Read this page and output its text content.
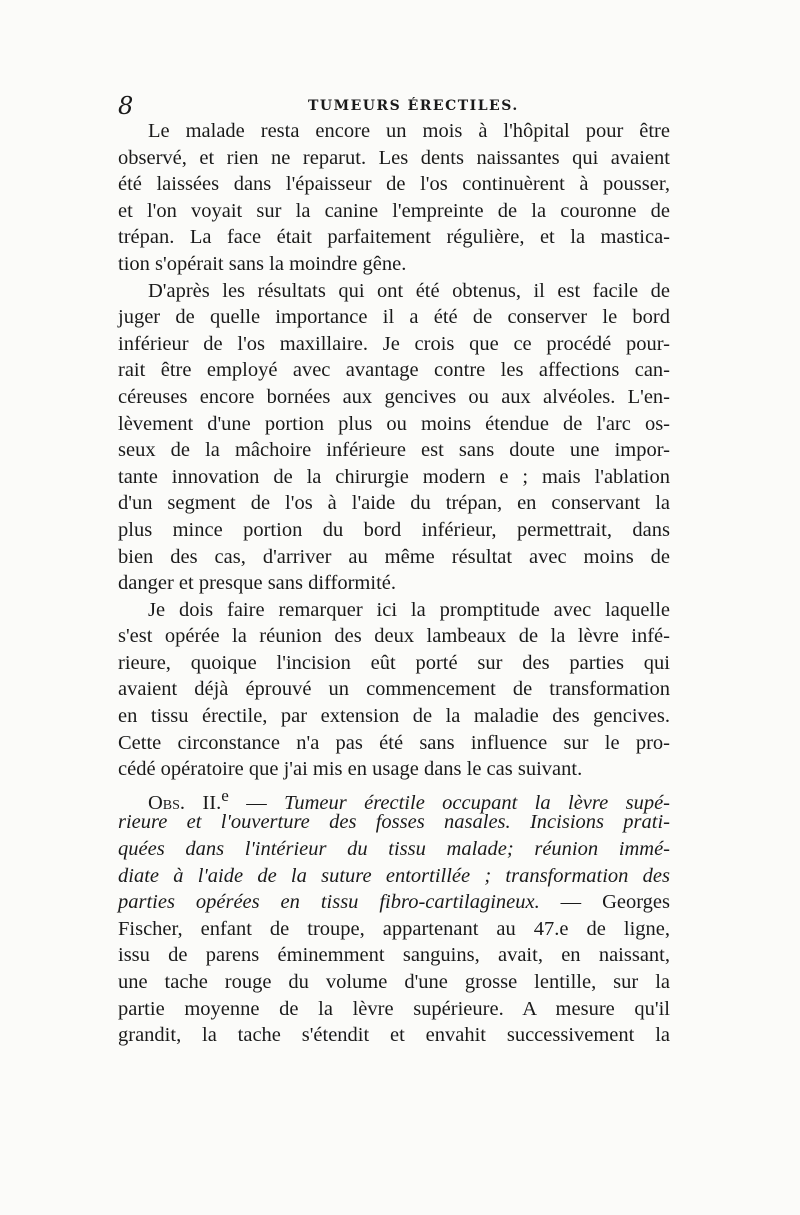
8	TUMEURS ÉRECTILES.
Le malade resta encore un mois à l'hôpital pour être
observé, et rien ne reparut. Les dents naissantes qui avaient
été laissées dans l'épaisseur de l'os continuèrent à pousser,
et l'on voyait sur la canine l'empreinte de la couronne de
trépan. La face était parfaitement régulière, et la mastica-
tion s'opérait sans la moindre gêne.
D'après les résultats qui ont été obtenus, il est facile de
juger de quelle importance il a été de conserver le bord
inférieur de l'os maxillaire. Je crois que ce procédé pour-
rait être employé avec avantage contre les affections can-
céreuses encore bornées aux gencives ou aux alvéoles. L'en-
lèvement d'une portion plus ou moins étendue de l'arc os-
seux de la mâchoire inférieure est sans doute une impor-
tante innovation de la chirurgie modern e ; mais l'ablation
d'un segment de l'os à l'aide du trépan, en conservant la
plus mince portion du bord inférieur, permettrait, dans
bien des cas, d'arriver au même résultat avec moins de
danger et presque sans difformité.
Je dois faire remarquer ici la promptitude avec laquelle
s'est opérée la réunion des deux lambeaux de la lèvre infé-
rieure, quoique l'incision eût porté sur des parties qui
avaient déjà éprouvé un commencement de transformation
en tissu érectile, par extension de la maladie des gencives.
Cette circonstance n'a pas été sans influence sur le pro-
cédé opératoire que j'ai mis en usage dans le cas suivant.
Obs. II.$^e$ — Tumeur érectile occupant la lèvre supé-
rieure et l'ouverture des fosses nasales. Incisions prati-
quées dans l'intérieur du tissu malade; réunion immé-
diate à l'aide de la suture entortillée ; transformation des
parties opérées en tissu fibro-cartilagineux. — Georges
Fischer, enfant de troupe, appartenant au 47.e de ligne,
issu de parens éminemment sanguins, avait, en naissant,
une tache rouge du volume d'une grosse lentille, sur la
partie moyenne de la lèvre supérieure. A mesure qu'il
grandit, la tache s'étendit et envahit successivement la
